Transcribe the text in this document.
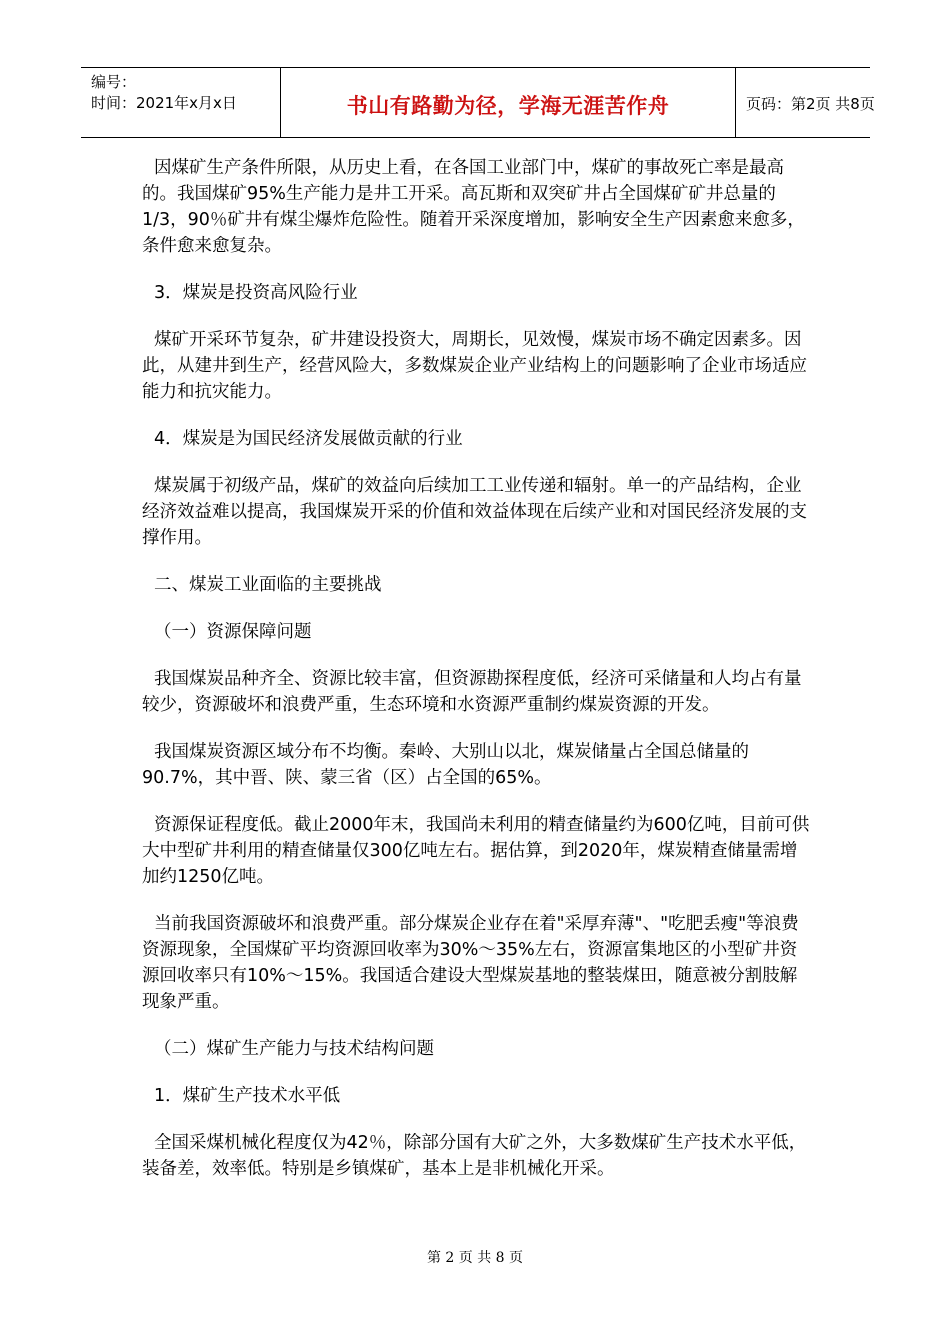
编号：
时间：2021年x月x日	书山有路勤为径，学海无涯苦作舟	页码：第2页 共8页

因煤矿生产条件所限，从历史上看，在各国工业部门中，煤矿的事故死亡率是最高的。我国煤矿95%生产能力是井工开采。高瓦斯和双突矿井占全国煤矿矿井总量的1/3，90％矿井有煤尘爆炸危险性。随着开采深度增加，影响安全生产因素愈来愈多，条件愈来愈复杂。

3．煤炭是投资高风险行业

煤矿开采环节复杂，矿井建设投资大，周期长，见效慢，煤炭市场不确定因素多。因此，从建井到生产，经营风险大，多数煤炭企业产业结构上的问题影响了企业市场适应能力和抗灾能力。

4．煤炭是为国民经济发展做贡献的行业

煤炭属于初级产品，煤矿的效益向后续加工工业传递和辐射。单一的产品结构，企业经济效益难以提高，我国煤炭开采的价值和效益体现在后续产业和对国民经济发展的支撑作用。

二、煤炭工业面临的主要挑战
（一）资源保障问题

我国煤炭品种齐全、资源比较丰富，但资源勘探程度低，经济可采储量和人均占有量较少，资源破坏和浪费严重，生态环境和水资源严重制约煤炭资源的开发。

我国煤炭资源区域分布不均衡。秦岭、大别山以北，煤炭储量占全国总储量的90.7%，其中晋、陕、蒙三省（区）占全国的65%。

资源保证程度低。截止2000年末，我国尚未利用的精查储量约为600亿吨，目前可供大中型矿井利用的精查储量仅300亿吨左右。据估算，到2020年，煤炭精查储量需增加约1250亿吨。

当前我国资源破坏和浪费严重。部分煤炭企业存在着"采厚弃薄"、"吃肥丢瘦"等浪费资源现象，全国煤矿平均资源回收率为30%～35%左右，资源富集地区的小型矿井资源回收率只有10%～15%。我国适合建设大型煤炭基地的整装煤田，随意被分割肢解现象严重。

（二）煤矿生产能力与技术结构问题
1．煤矿生产技术水平低

全国采煤机械化程度仅为42％，除部分国有大矿之外，大多数煤矿生产技术水平低，装备差，效率低。特别是乡镇煤矿，基本上是非机械化开采。

第 2 页 共 8 页
